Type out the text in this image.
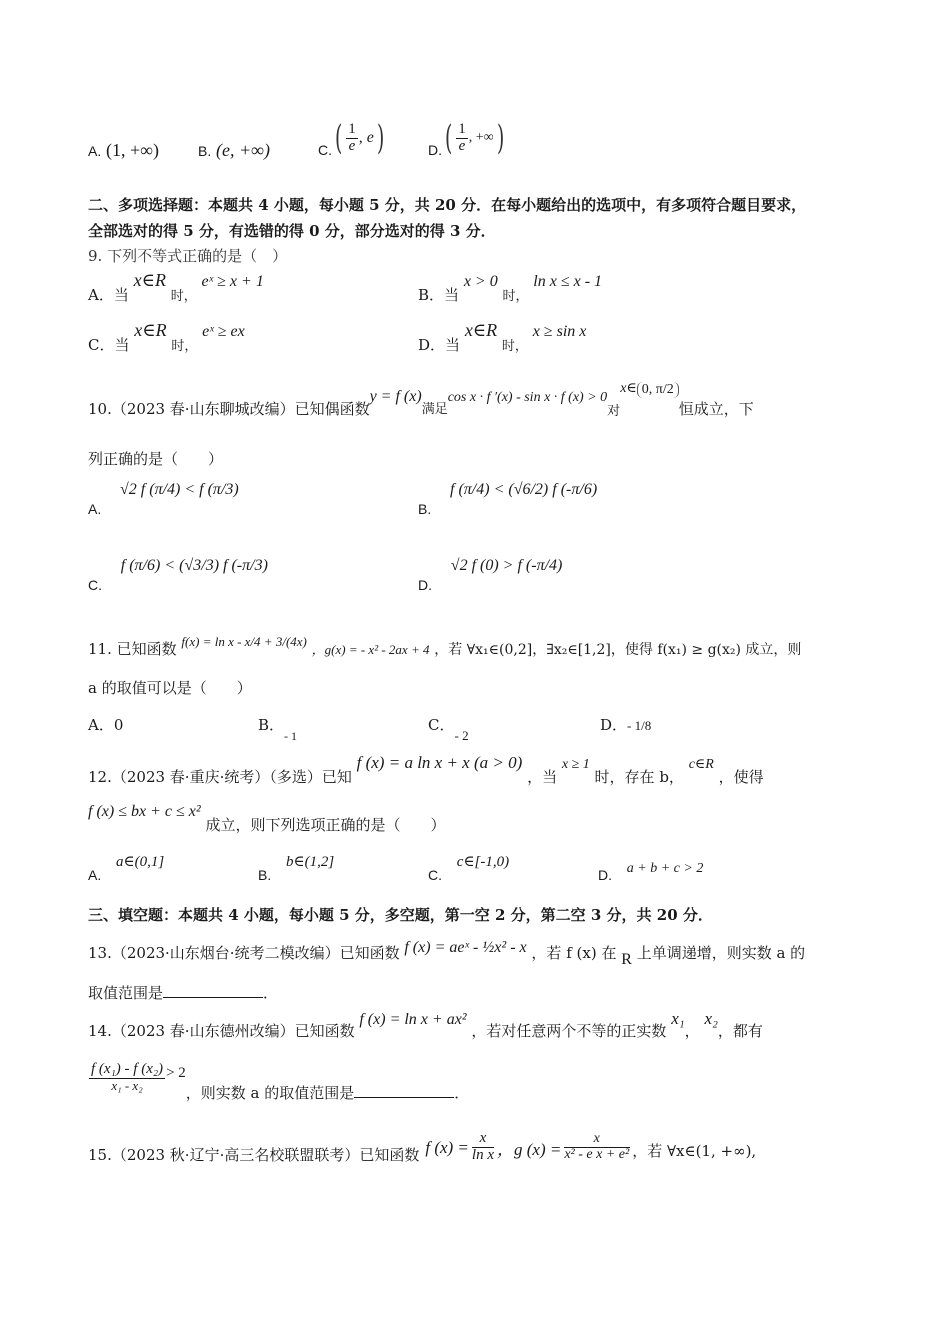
A. (1, +∞)	B. (e, +∞)	C. ( $\frac{1}{e}$ , e )	D. ( $\frac{1}{e}$ , +∞ )
二、多项选择题：本题共 4 小题，每小题 5 分，共 20 分．在每小题给出的选项中，有多项符合题目要求，
全部选对的得 5 分，有选错的得 0 分，部分选对的得 3 分．
9. 下列不等式正确的是（　）
A．当 x∈R 时， eˣ ≥ x + 1
B．当 x > 0 时， ln x ≤ x - 1
C．当 x∈R 时， eˣ ≥ ex
D．当 x∈R 时， x ≥ sin x
10.（2023 春·山东聊城改编）已知偶函数
y = f (x)
满足
cos x · f ′(x) - sin x · f (x) > 0
对
x∈ 0, π/2
恒成立，下
列正确的是（　　）
A. √2 f (π/4) < f (π/3)
B. f (π/4) < (√6/2) f (-π/6)
C. f (π/6) < (√3/3) f (-π/3)
D. √2 f (0) > f (-π/4)
11. 已知函数 f(x) = ln x - x/4 + 3/(4x) ，g(x) = - x² - 2ax + 4 ，若 ∀x₁∈(0,2]，∃x₂∈[1,2]，使得 f(x₁) ≥ g(x₂) 成立，则
a 的取值可以是（　　）
A．0	B．$_{- 1}$
C．- 2
D．- 1/8
12.（2023 春·重庆·统考）（多选）已知 f (x) = a ln x + x (a > 0) ，当 x ≥ 1 时，存在 b， c∈R ，使得
f (x) ≤ bx + c ≤ x² 成立，则下列选项正确的是（　　）
A. a∈(0,1]
B. b∈(1,2]
C. c∈[-1,0)
D. a + b + c > 2
三、填空题：本题共 4 小题，每小题 5 分，多空题，第一空 2 分，第二空 3 分，共 20 分．
13.（2023·山东烟台·统考二模改编）已知函数 f (x) = aeˣ - ½x² - x ，若 f (x) 在 R 上单调递增，则实数 a 的
取值范围是	．
14.（2023 春·山东德州改编）已知函数 f (x) = ln x + ax² ，若对任意两个不等的正实数 x₁， x₂，都有
$\frac{\text{f (x₁) - f (x₂)}}{\text{x₁ - x₂}} > 2$
，则实数 a 的取值范围是	．
15.（2023 秋·辽宁·高三名校联盟联考）已知函数 f $(x) = \frac{x}{\text{ln x}}$ ，g $(x) = \frac{x}{\text{x² - e x + e²}}$ ，若 ∀x∈(1, +∞),
